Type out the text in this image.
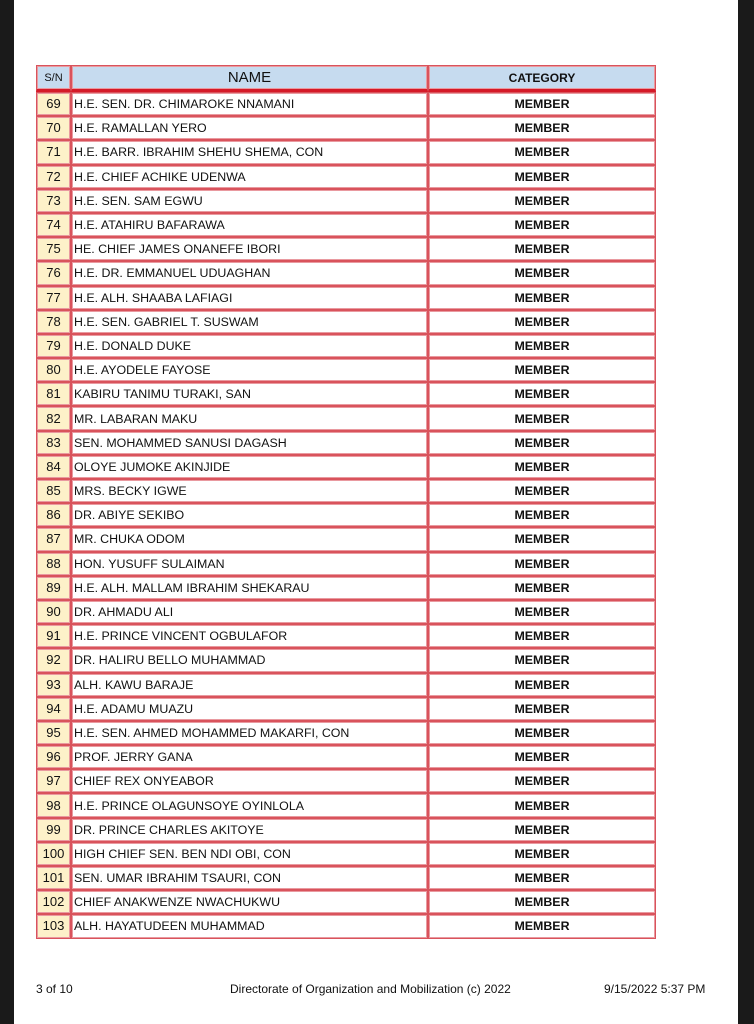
S/N	NAME	CATEGORY
69	H.E. SEN. DR. CHIMAROKE NNAMANI	MEMBER
70	H.E. RAMALLAN YERO	MEMBER
71	H.E. BARR. IBRAHIM SHEHU SHEMA, CON	MEMBER
72	H.E. CHIEF ACHIKE UDENWA	MEMBER
73	H.E. SEN. SAM EGWU	MEMBER
74	H.E. ATAHIRU BAFARAWA	MEMBER
75	HE. CHIEF JAMES ONANEFE IBORI	MEMBER
76	H.E. DR. EMMANUEL UDUAGHAN	MEMBER
77	H.E. ALH. SHAABA LAFIAGI	MEMBER
78	H.E. SEN. GABRIEL T. SUSWAM	MEMBER
79	H.E. DONALD DUKE	MEMBER
80	H.E. AYODELE FAYOSE	MEMBER
81	KABIRU TANIMU TURAKI, SAN	MEMBER
82	MR. LABARAN MAKU	MEMBER
83	SEN. MOHAMMED SANUSI DAGASH	MEMBER
84	OLOYE JUMOKE AKINJIDE	MEMBER
85	MRS. BECKY IGWE	MEMBER
86	DR. ABIYE SEKIBO	MEMBER
87	MR. CHUKA ODOM	MEMBER
88	HON. YUSUFF SULAIMAN	MEMBER
89	H.E. ALH. MALLAM IBRAHIM SHEKARAU	MEMBER
90	DR. AHMADU ALI	MEMBER
91	H.E. PRINCE VINCENT OGBULAFOR	MEMBER
92	DR. HALIRU BELLO MUHAMMAD	MEMBER
93	ALH. KAWU BARAJE	MEMBER
94	H.E. ADAMU MUAZU	MEMBER
95	H.E. SEN. AHMED MOHAMMED MAKARFI, CON	MEMBER
96	PROF. JERRY GANA	MEMBER
97	CHIEF REX ONYEABOR	MEMBER
98	H.E. PRINCE OLAGUNSOYE OYINLOLA	MEMBER
99	DR. PRINCE CHARLES AKITOYE	MEMBER
100	HIGH CHIEF SEN. BEN NDI OBI, CON	MEMBER
101	SEN. UMAR IBRAHIM TSAURI, CON	MEMBER
102	CHIEF ANAKWENZE NWACHUKWU	MEMBER
103	ALH. HAYATUDEEN MUHAMMAD	MEMBER
3 of 10	Directorate of Organization and Mobilization (c) 2022	9/15/2022 5:37 PM
